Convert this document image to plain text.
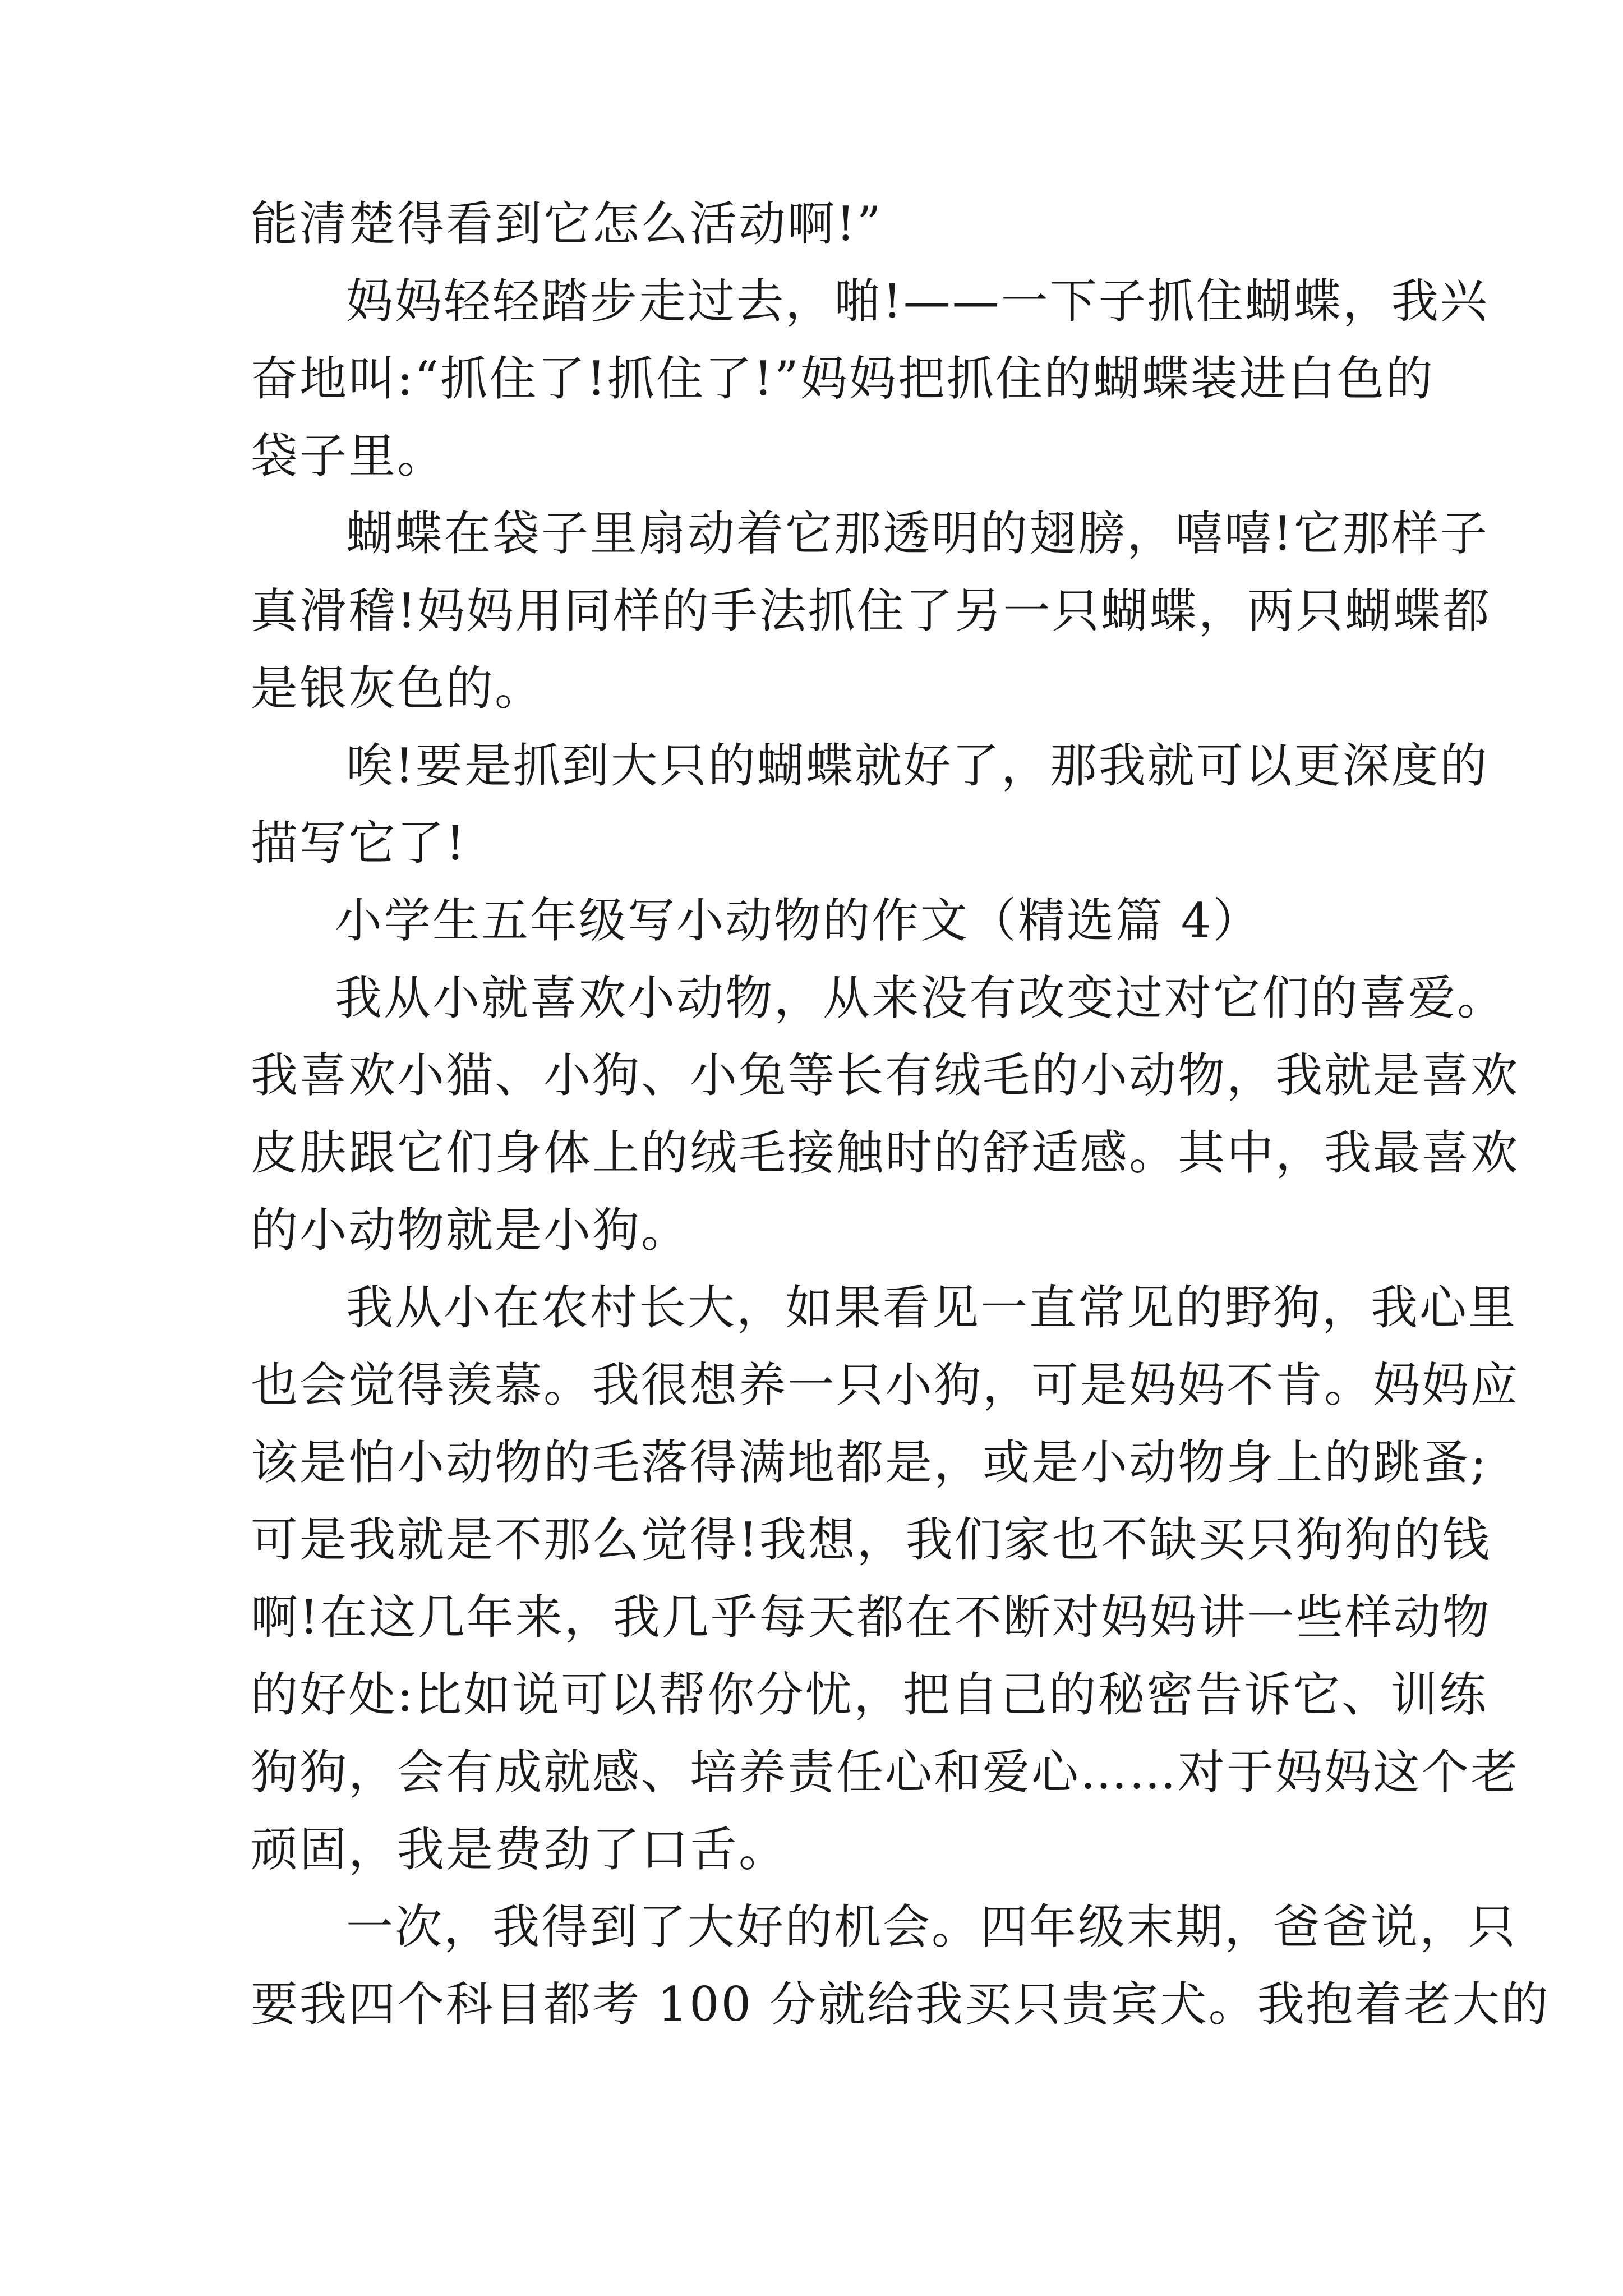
能清楚得看到它怎么活动啊!”
妈妈轻轻踏步走过去，啪!——一下子抓住蝴蝶，我兴
奋地叫:“抓住了!抓住了!”妈妈把抓住的蝴蝶装进白色的
袋子里。
蝴蝶在袋子里扇动着它那透明的翅膀，嘻嘻!它那样子
真滑稽!妈妈用同样的手法抓住了另一只蝴蝶，两只蝴蝶都
是银灰色的。
唉!要是抓到大只的蝴蝶就好了，那我就可以更深度的
描写它了!
小学生五年级写小动物的作文（精选篇 4）
我从小就喜欢小动物，从来没有改变过对它们的喜爱。
我喜欢小猫、小狗、小兔等长有绒毛的小动物，我就是喜欢
皮肤跟它们身体上的绒毛接触时的舒适感。其中，我最喜欢
的小动物就是小狗。
我从小在农村长大，如果看见一直常见的野狗，我心里
也会觉得羡慕。我很想养一只小狗，可是妈妈不肯。妈妈应
该是怕小动物的毛落得满地都是，或是小动物身上的跳蚤;
可是我就是不那么觉得!我想，我们家也不缺买只狗狗的钱
啊!在这几年来，我几乎每天都在不断对妈妈讲一些样动物
的好处:比如说可以帮你分忧，把自己的秘密告诉它、训练
狗狗，会有成就感、培养责任心和爱心……对于妈妈这个老
顽固，我是费劲了口舌。
一次，我得到了大好的机会。四年级末期，爸爸说，只
要我四个科目都考 100 分就给我买只贵宾犬。我抱着老大的
